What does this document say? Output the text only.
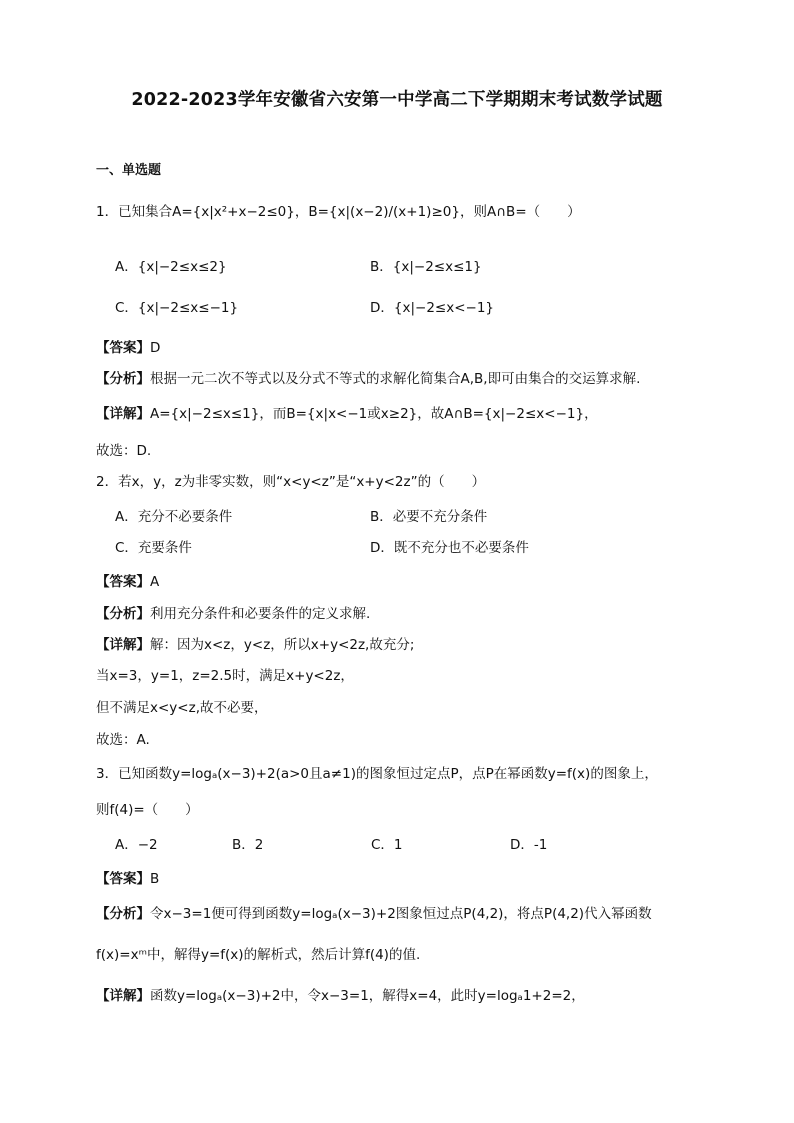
2022-2023学年安徽省六安第一中学高二下学期期末考试数学试题
一、单选题
1．已知集合A={x|x²+x−2≤0}，B={x|(x−2)/(x+1)≥0}，则A∩B=（　　）
A．{x|−2≤x≤2}	B．{x|−2≤x≤1}
C．{x|−2≤x≤−1}	D．{x|−2≤x<−1}
【答案】D
【分析】根据一元二次不等式以及分式不等式的求解化简集合A,B,即可由集合的交运算求解.
【详解】A={x|−2≤x≤1}，而B={x|x<−1或x≥2}，故A∩B={x|−2≤x<−1}，
故选：D.
2．若x，y，z为非零实数，则“x<y<z”是“x+y<2z”的（　　）
A．充分不必要条件	B．必要不充分条件
C．充要条件	D．既不充分也不必要条件
【答案】A
【分析】利用充分条件和必要条件的定义求解.
【详解】解：因为x<z，y<z，所以x+y<2z,故充分;
当x=3，y=1，z=2.5时，满足x+y<2z，
但不满足x<y<z,故不必要，
故选：A.
3．已知函数y=logₐ(x−3)+2(a>0且a≠1)的图象恒过定点P，点P在幂函数y=f(x)的图象上，
则f(4)=（　　）
A．−2	B．2	C．1	D．-1
【答案】B
【分析】令x−3=1便可得到函数y=logₐ(x−3)+2图象恒过点P(4,2)，将点P(4,2)代入幂函数
f(x)=xᵐ中，解得y=f(x)的解析式，然后计算f(4)的值.
【详解】函数y=logₐ(x−3)+2中，令x−3=1，解得x=4，此时y=logₐ1+2=2，
